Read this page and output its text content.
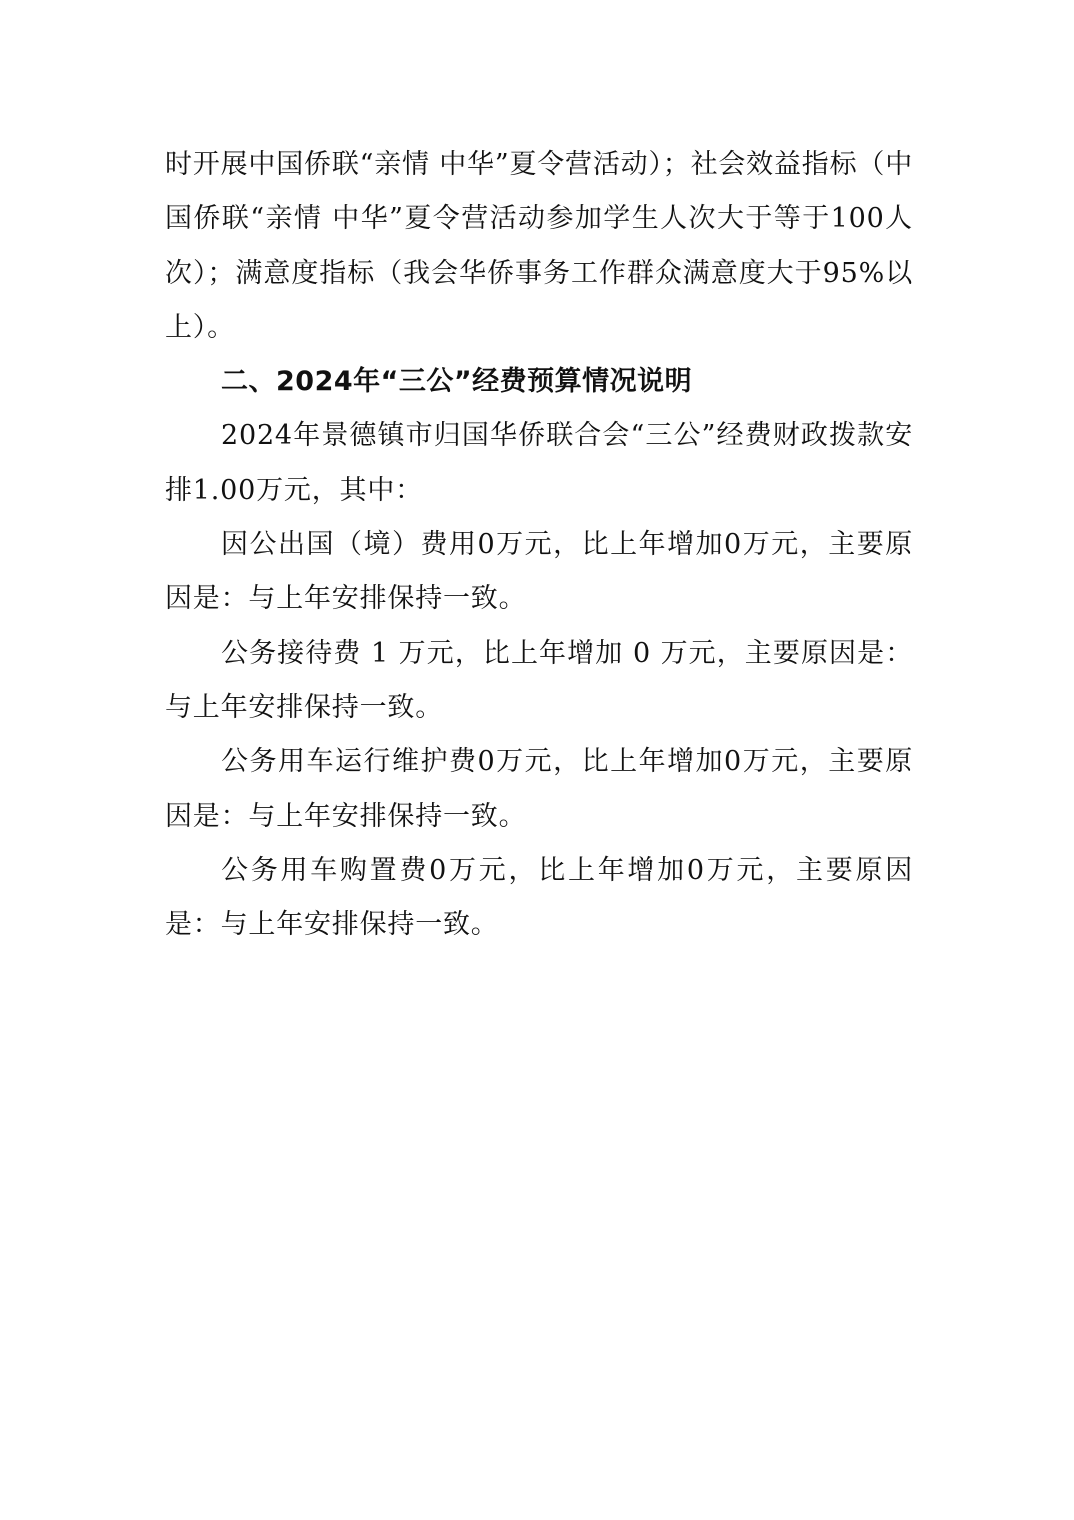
时开展中国侨联“亲情 中华”夏令营活动）；社会效益指标（中国侨联“亲情 中华”夏令营活动参加学生人次大于等于100人次）；满意度指标（我会华侨事务工作群众满意度大于95%以上）。

二、2024年“三公”经费预算情况说明

2024年景德镇市归国华侨联合会“三公”经费财政拨款安排1.00万元，其中：

因公出国（境）费用0万元，比上年增加0万元，主要原因是：与上年安排保持一致。

公务接待费 1 万元，比上年增加 0 万元，主要原因是：与上年安排保持一致。

公务用车运行维护费0万元，比上年增加0万元，主要原因是：与上年安排保持一致。

公务用车购置费0万元，比上年增加0万元，主要原因是：与上年安排保持一致。
